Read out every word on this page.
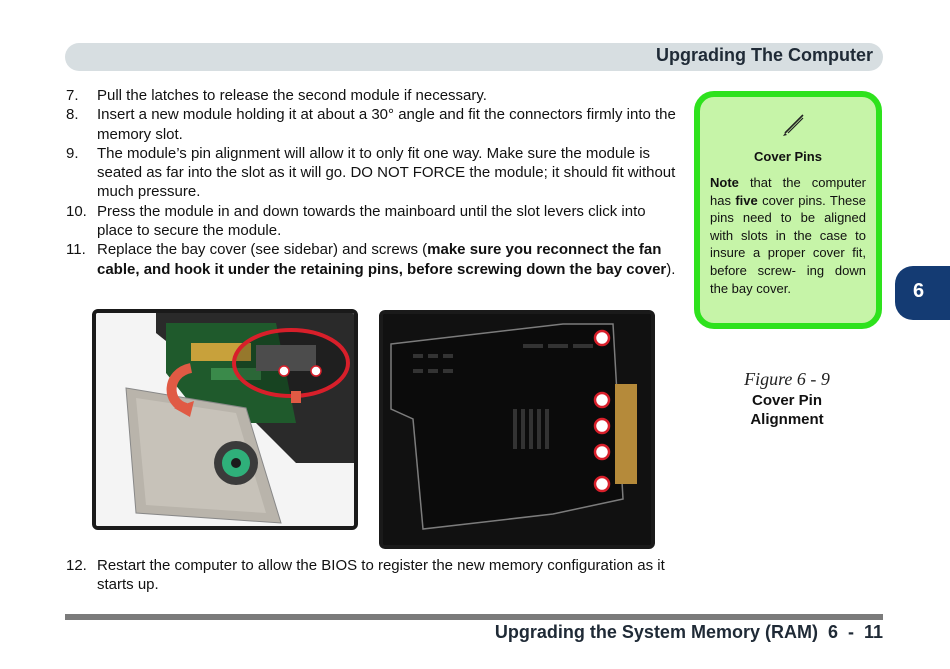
Upgrading The Computer
7.	Pull the latches to release the second module if necessary.
8.	Insert a new module holding it at about a 30° angle and fit the connectors firmly into the memory slot.
9.	The module’s pin alignment will allow it to only fit one way. Make sure the module is seated as far into the slot as it will go. DO NOT FORCE the module; it should fit without much pressure.
10. Press the module in and down towards the mainboard until the slot levers click into place to secure the module.
11. Replace the bay cover (see sidebar) and screws (make sure you reconnect the fan cable, and hook it under the retaining pins, before screwing down the bay cover).
Cover Pins
Note that the computer has five cover pins. These pins need to be aligned with slots in the case to insure a proper cover fit, before screw- ing down the bay cover.
Figure 6 - 9
Cover Pin
Alignment
6
12. Restart the computer to allow the BIOS to register the new memory configuration as it starts up.
Upgrading the System Memory (RAM)  6  -  11
